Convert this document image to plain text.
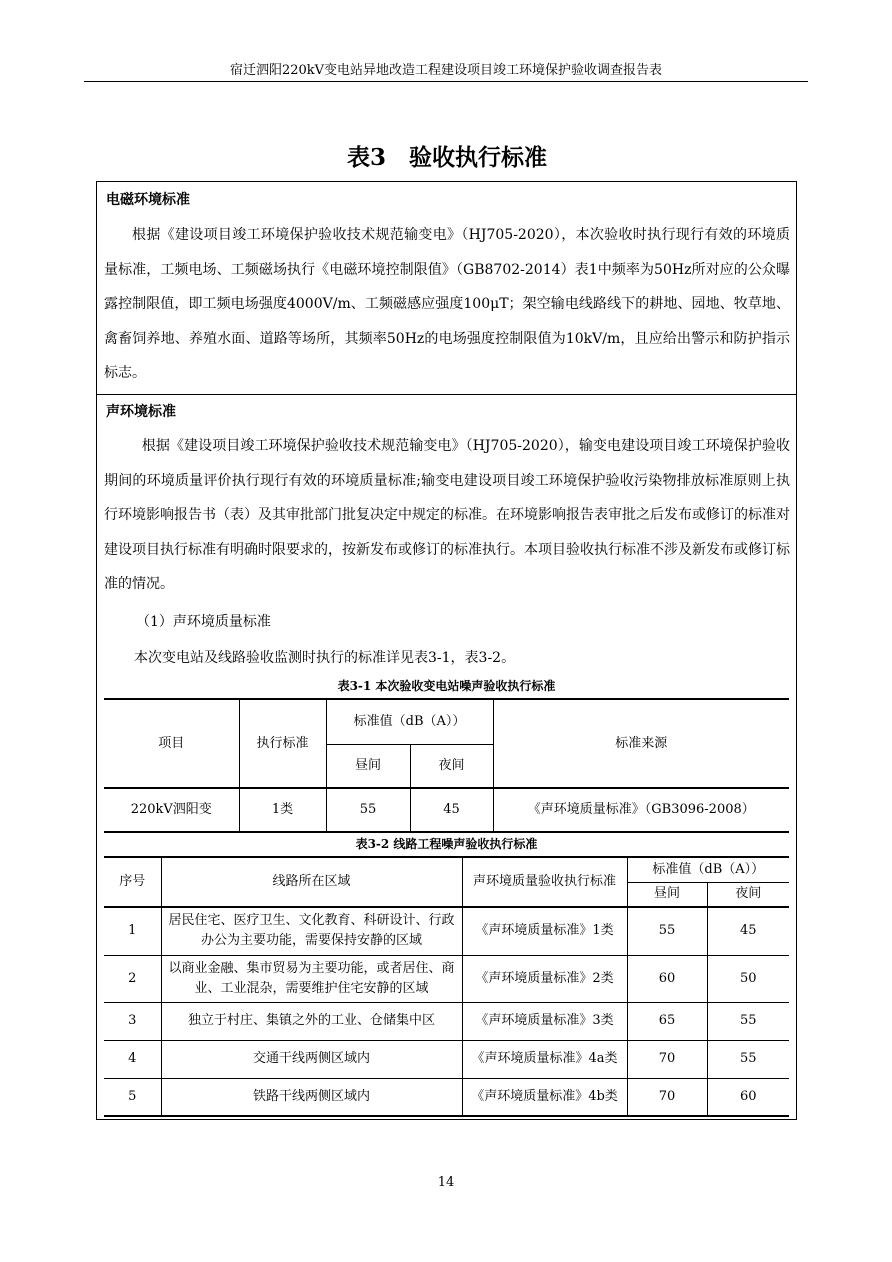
宿迁泗阳220kV变电站异地改造工程建设项目竣工环境保护验收调查报告表
表3　验收执行标准
电磁环境标准
根据《建设项目竣工环境保护验收技术规范输变电》（HJ705-2020），本次验收时执行现行有效的环境质量标准，工频电场、工频磁场执行《电磁环境控制限值》（GB8702-2014）表1中频率为50Hz所对应的公众曝露控制限值，即工频电场强度4000V/m、工频磁感应强度100μT；架空输电线路线下的耕地、园地、牧草地、禽畜饲养地、养殖水面、道路等场所，其频率50Hz的电场强度控制限值为10kV/m，且应给出警示和防护指示标志。
声环境标准
根据《建设项目竣工环境保护验收技术规范输变电》（HJ705-2020），输变电建设项目竣工环境保护验收期间的环境质量评价执行现行有效的环境质量标准;输变电建设项目竣工环境保护验收污染物排放标准原则上执行环境影响报告书（表）及其审批部门批复决定中规定的标准。在环境影响报告表审批之后发布或修订的标准对建设项目执行标准有明确时限要求的，按新发布或修订的标准执行。本项目验收执行标准不涉及新发布或修订标准的情况。
（1）声环境质量标准
本次变电站及线路验收监测时执行的标准详见表3-1，表3-2。
表3-1 本次验收变电站噪声验收执行标准
项目	执行标准	标准值（dB（A））		标准来源
		昼间	夜间	
220kV泗阳变	1类	55	45	《声环境质量标准》（GB3096-2008）
表3-2 线路工程噪声验收执行标准
序号	线路所在区域	声环境质量验收执行标准	标准值（dB（A））	
			昼间	夜间
1	居民住宅、医疗卫生、文化教育、科研设计、行政办公为主要功能，需要保持安静的区域	《声环境质量标准》1类	55	45
2	以商业金融、集市贸易为主要功能，或者居住、商业、工业混杂，需要维护住宅安静的区域	《声环境质量标准》2类	60	50
3	独立于村庄、集镇之外的工业、仓储集中区	《声环境质量标准》3类	65	55
4	交通干线两侧区域内	《声环境质量标准》4a类	70	55
5	铁路干线两侧区域内	《声环境质量标准》4b类	70	60
14
